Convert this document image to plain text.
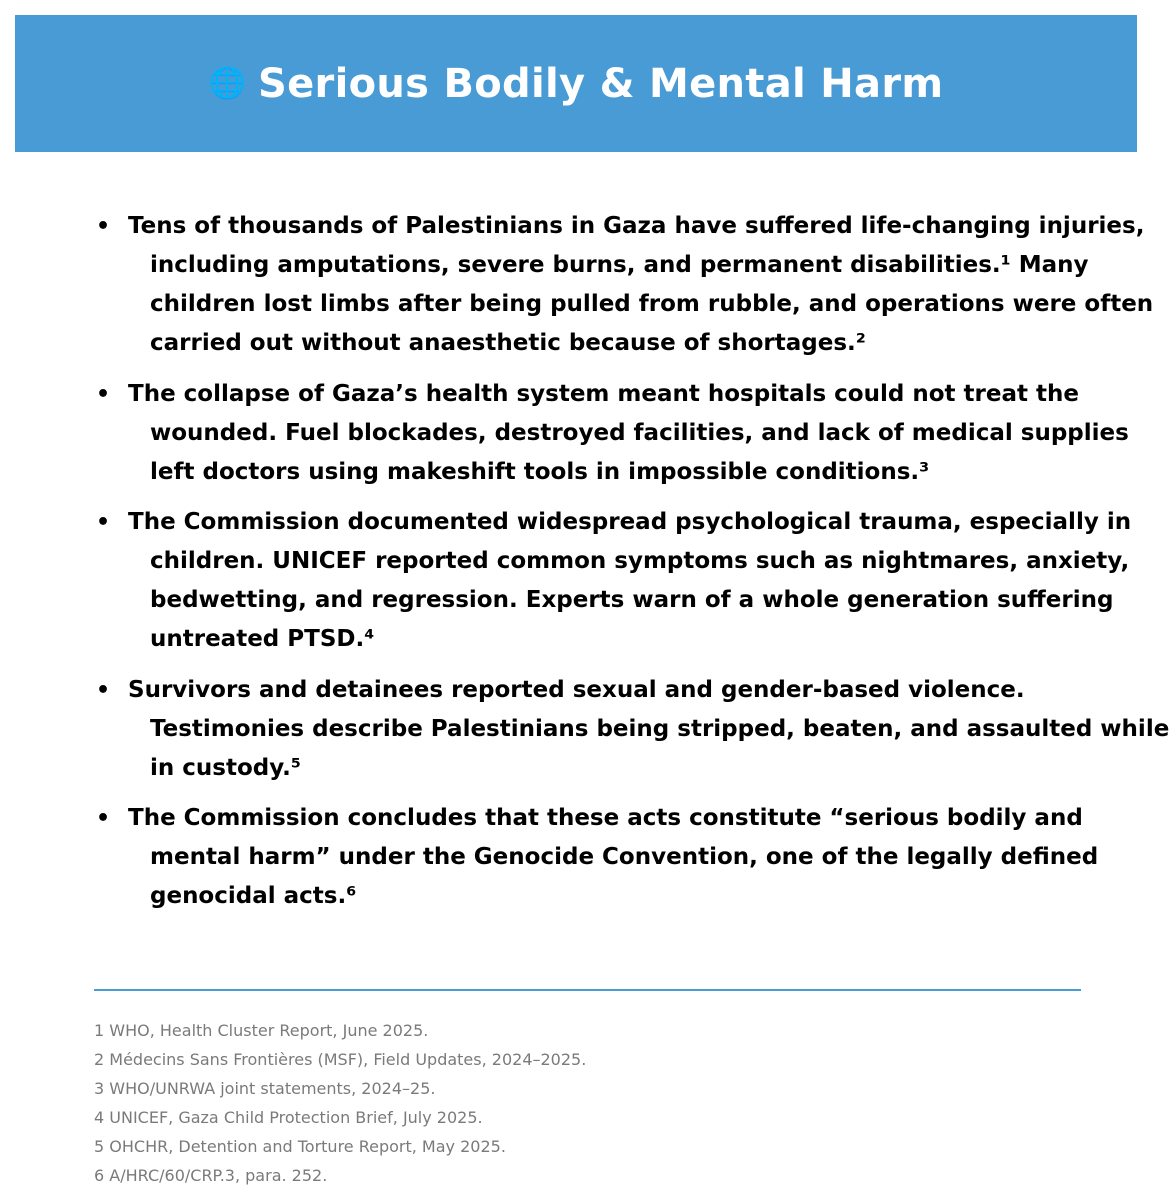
🌐 Serious Bodily & Mental Harm
• Tens of thousands of Palestinians in Gaza have suffered life-changing injuries, including amputations, severe burns, and permanent disabilities.¹ Many children lost limbs after being pulled from rubble, and operations were often carried out without anaesthetic because of shortages.²
• The collapse of Gaza’s health system meant hospitals could not treat the wounded. Fuel blockades, destroyed facilities, and lack of medical supplies left doctors using makeshift tools in impossible conditions.³
• The Commission documented widespread psychological trauma, especially in children. UNICEF reported common symptoms such as nightmares, anxiety, bedwetting, and regression. Experts warn of a whole generation suffering untreated PTSD.⁴
• Survivors and detainees reported sexual and gender-based violence. Testimonies describe Palestinians being stripped, beaten, and assaulted while in custody.⁵
• The Commission concludes that these acts constitute “serious bodily and mental harm” under the Genocide Convention, one of the legally defined genocidal acts.⁶
1 WHO, Health Cluster Report, June 2025.
2 Médecins Sans Frontières (MSF), Field Updates, 2024–2025.
3 WHO/UNRWA joint statements, 2024–25.
4 UNICEF, Gaza Child Protection Brief, July 2025.
5 OHCHR, Detention and Torture Report, May 2025.
6 A/HRC/60/CRP.3, para. 252.
